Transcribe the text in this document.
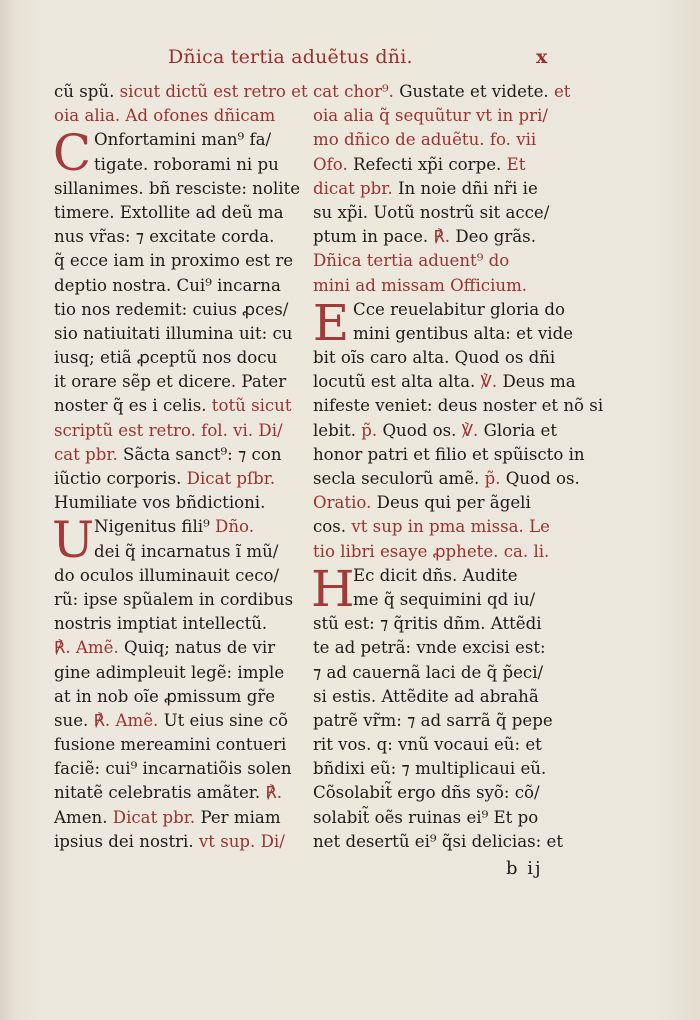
Dñica tertia aduẽtus dñi.	x
cũ spũ. sicut dictũ est retro et
oia alia. Ad ofones dñicam
C Onfortamini man⁹ fa/
tigate. roborami ni pu
sillanimes. bñ resciste: nolite
timere. Extollite ad deũ ma
nus vr̃as: ⁊ excitate corda.
q̃ ecce iam in proximo est re
deptio nostra. Cui⁹ incarna
tio nos redemit: cuius ꝓces/
sio natiuitati illumina uit: cu
iusq; etiã ꝓceptũ nos docu
it orare sẽp et dicere. Pater
noster q̃ es i celis. totũ sicut
scriptũ est retro. fol. vi. Di/
cat pbr. Sãcta sanct⁹: ⁊ con
iũctio corporis. Dicat pſbr.
Humiliate vos bñdictioni.
U Nigenitus fili⁹ Dño.
dei q̃ incarnatus ĩ mũ/
do oculos illuminauit ceco/
rũ: ipse spũalem in cordibus
nostris imptiat intellectũ.
℟. Amẽ. Quiq; natus de vir
gine adimpleuit legẽ: imple
at in nob oĩe ꝓmissum gr̃e
sue. ℟. Amẽ. Ut eius sine cõ
fusione mereamini contueri
faciẽ: cui⁹ incarnatiõis solen
nitatẽ celebratis amãter. ℟.
Amen. Dicat pbr. Per miam
ipsius dei nostri. vt sup. Di/
cat chor⁹. Gustate et videte. et
oia alia q̃ sequũtur vt in pri/
mo dñico de aduẽtu. fo. vii
Ofo. Refecti xp̃i corpe. Et
dicat pbr. In noie dñi nr̃i ie
su xp̃i. Uotũ nostrũ sit acce/
ptum in pace. ℟. Deo grãs.
Dñica tertia aduent⁹ do
mini ad missam Officium.
E Cce reuelabitur gloria do
mini gentibus alta: et vide
bit oĩs caro alta. Quod os dñi
locutũ est alta alta. ℣. Deus ma
nifeste veniet: deus noster et nõ si
lebit. p̃. Quod os. ℣. Gloria et
honor patri et filio et spũiscto in
secla seculorũ amẽ. p̃. Quod os.
Oratio. Deus qui per ãgeli
cos. vt sup in pma missa. Le
tio libri esaye ꝓphete. ca. li.
H
Ec dicit dñs. Audite
me q̃ sequimini qd iu/
stũ est: ⁊ q̃ritis dñm. Attẽdi
te ad petrã: vnde excisi est:
⁊ ad cauernã laci de q̃ p̃eci/
si estis. Attẽdite ad abrahã
patrẽ vr̃m: ⁊ ad sarrã q̃ pepe
rit vos. q: vnũ vocaui eũ: et
bñdixi eũ: ⁊ multiplicaui eũ.
Cõsolabit̃ ergo dñs syõ: cõ/
solabit̃ oẽs ruinas ei⁹ Et po
net desertũ ei⁹ q̃si delicias: et
b ij
